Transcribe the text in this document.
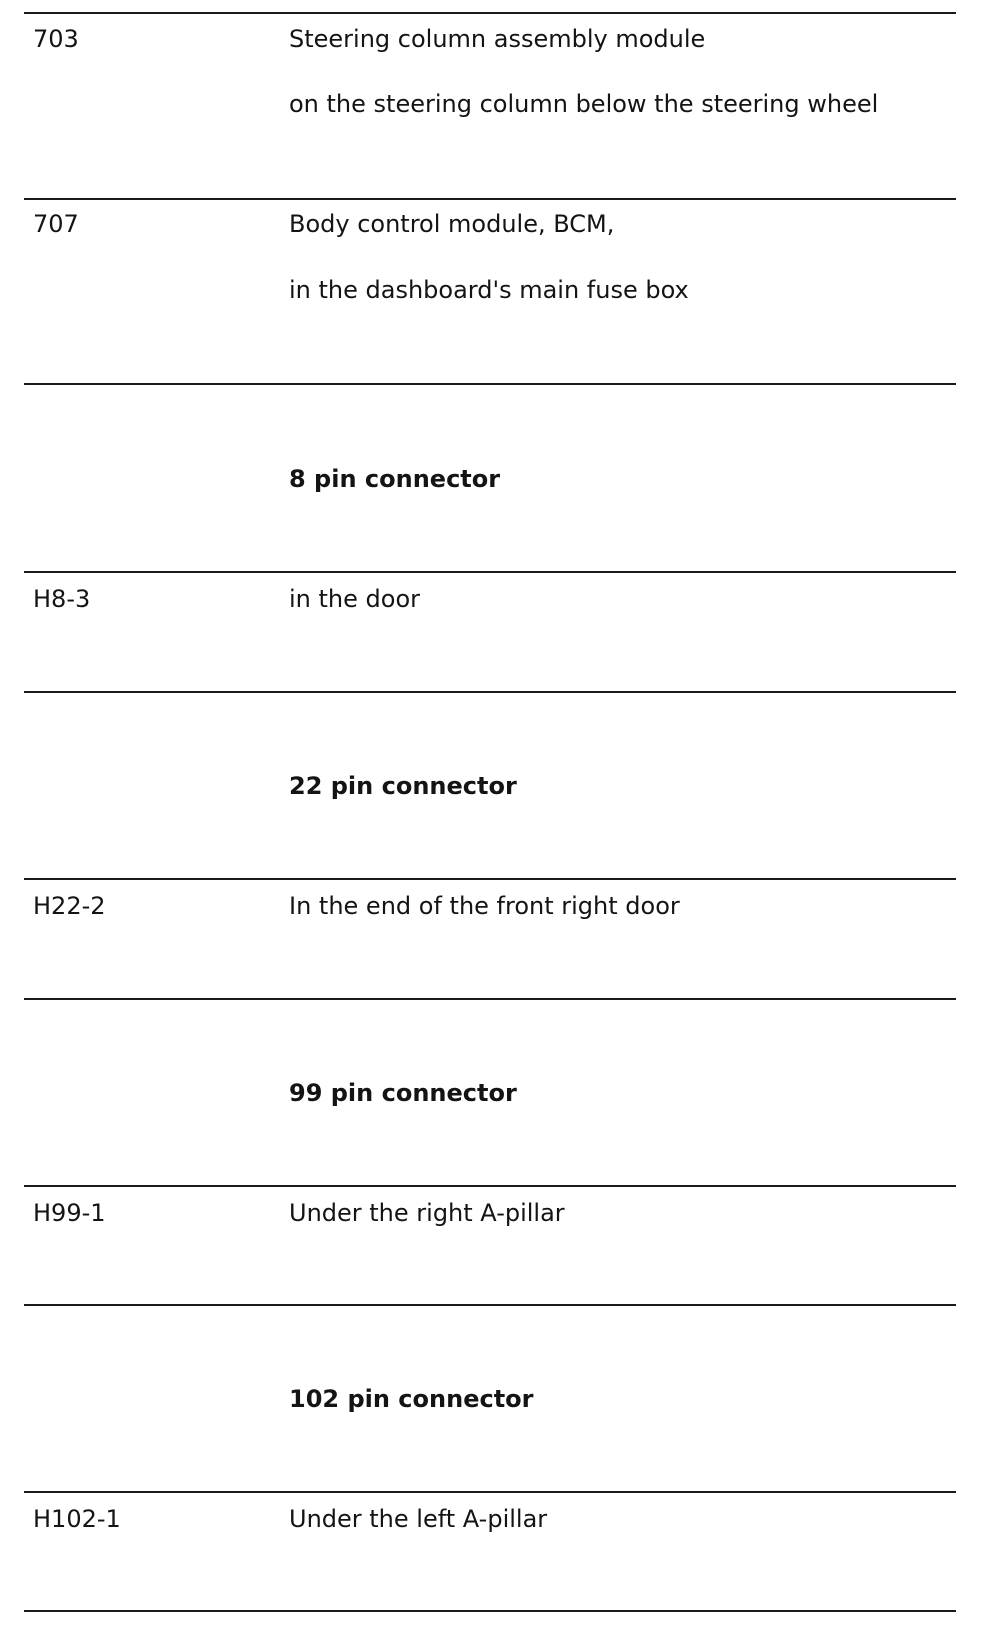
703	Steering column assembly module
on the steering column below the steering wheel
707	Body control module, BCM,
in the dashboard's main fuse box
8 pin connector
H8-3	in the door
22 pin connector
H22-2	In the end of the front right door
99 pin connector
H99-1	Under the right A-pillar
102 pin connector
H102-1	Under the left A-pillar
